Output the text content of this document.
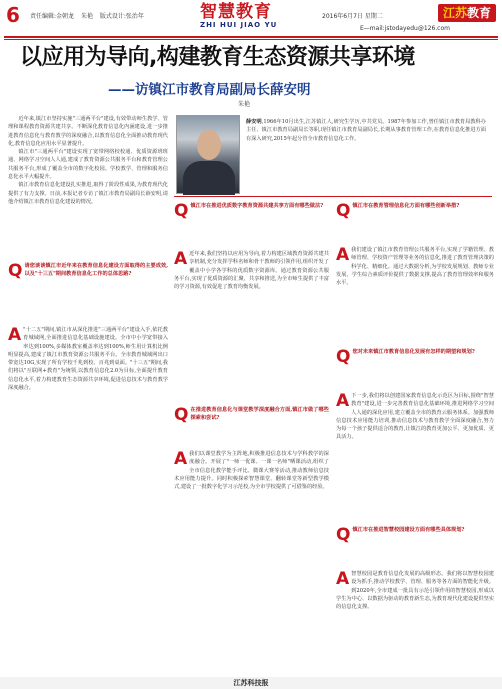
6 责任编辑:金朝龙 朱艳 版式设计:张治年	智慧教育
ZHI HUI JIAO YU
2016年6月7日 星期二	江苏教育
E—mail:jstodayedu@126.com
以应用为导向,构建教育生态资源共享环境
——访镇江市教育局副局长薛安明
朱艳
薛安明,1966年10月出生,江苏镇江人,研究生学历,中共党员。1987年参加工作,曾任镇江市教育局教科办主任、镇江市教育局副局长等职,现任镇江市教育局副局长,长期从事教育管理工作,在教育信息化推进方面有深入研究,2015年起分管全市教育信息化工作。

近年来,镇江市坚持实施"三通两平台"建设,有效带动师生教学、管理和课程教育资源共建共享。不断深化教育信息化内涵建设,进一步推进教育信息化与教育教学的深度融合,以教育信息化全面推动教育现代化,教育信息化应用水平显著提升。

镇江市"三通两平台"建设实现了宽带网络校校通、优质资源班班通、网络学习空间人人通,建成了教育资源公共服务平台和教育管理公共服务平台,形成了覆盖全市的数字化校园。学校教学、管理和服务信息化水平大幅提升。

镇江市教育信息化建设扎实推进,取得了阶段性成果,为教育现代化提供了有力支撑。日前,本报记者专访了镇江市教育局副局长薛安明,请他介绍镇江市教育信息化建设的情况。

Q请您谈谈镇江市近年来在教育信息化建设方面取得的主要成效,以及"十三五"期间教育信息化工作的总体思路?
A "十二五"期间,镇江市从深化推进"三通两平台"建设入手,依托教育城域网,全面推进信息化基础设施建设。全市中小学宽带接入率达到100%,多媒体教室覆盖率达到100%,师生用计算机比例明显提高,建成了镇江市教育资源公共服务平台。全市教育城域网出口带宽达10G,实现了所有学校千兆到校、百兆到桌面。"十三五"期间,我们将以"互联网+教育"为统领,以教育信息化2.0为目标,全面提升教育信息化水平,着力构建教育生态资源共享环境,促进信息技术与教育教学深度融合。
Q镇江市在推进优质数字教育资源共建共享方面有哪些做法?
A近年来,我们坚持以应用为导向,着力构建区域教育资源共建共享机制,充分发挥学科名师和骨干教师的引领作用,组织开发了覆盖中小学各学科的优质数字资源库。通过教育资源公共服务平台,实现了优质资源的汇聚、共享和推送,为全市师生提供了丰富的学习资源,有效促进了教育均衡发展。
Q在推进教育信息化与课堂教学深度融合方面,镇江市做了哪些探索和尝试?
A我们以课堂教学为主阵地,积极推进信息技术与学科教学的深度融合。开展了"一师一优课、一课一名师"晒课活动,组织了全市信息化教学能手评比、微课大赛等活动,推动教师信息技术应用能力提升。同时积极探索智慧课堂、翻转课堂等新型教学模式,建设了一批数字化学习示范校,为全市学校提供了可借鉴的经验。
Q镇江市在教育管理信息化方面有哪些创新举措?
A我们建设了镇江市教育管理公共服务平台,实现了学籍管理、教师管理、学校资产管理等业务的信息化,推进了教育管理决策的科学化、精细化。通过大数据分析,为学校发展规划、教师专业发展、学生综合素质评价提供了数据支撑,提高了教育管理效率和服务水平。
Q您对未来镇江市教育信息化发展有怎样的期望和规划?
A下一步,我们将以创建国家教育信息化示范区为目标,围绕"智慧教育"建设,进一步完善教育信息化基础环境,推进网络学习空间人人通的深化应用,建立覆盖全市的教育云服务体系。加强教师信息技术应用能力培训,推动信息技术与教育教学全面深度融合,努力为每一个孩子提供适合的教育,让镇江的教育更加公平、更加优质、更具活力。
Q镇江市在推进智慧校园建设方面有哪些具体规划?
A智慧校园是教育信息化发展的高级形态。我们将以智慧校园建设为抓手,推动学校教学、管理、服务等各方面的智能化升级。到2020年,全市建成一批具有示范引领作用的智慧校园,形成以学生为中心、以数据为驱动的教育新生态,为教育现代化建设提供坚实的信息化支撑。
江苏科技报
